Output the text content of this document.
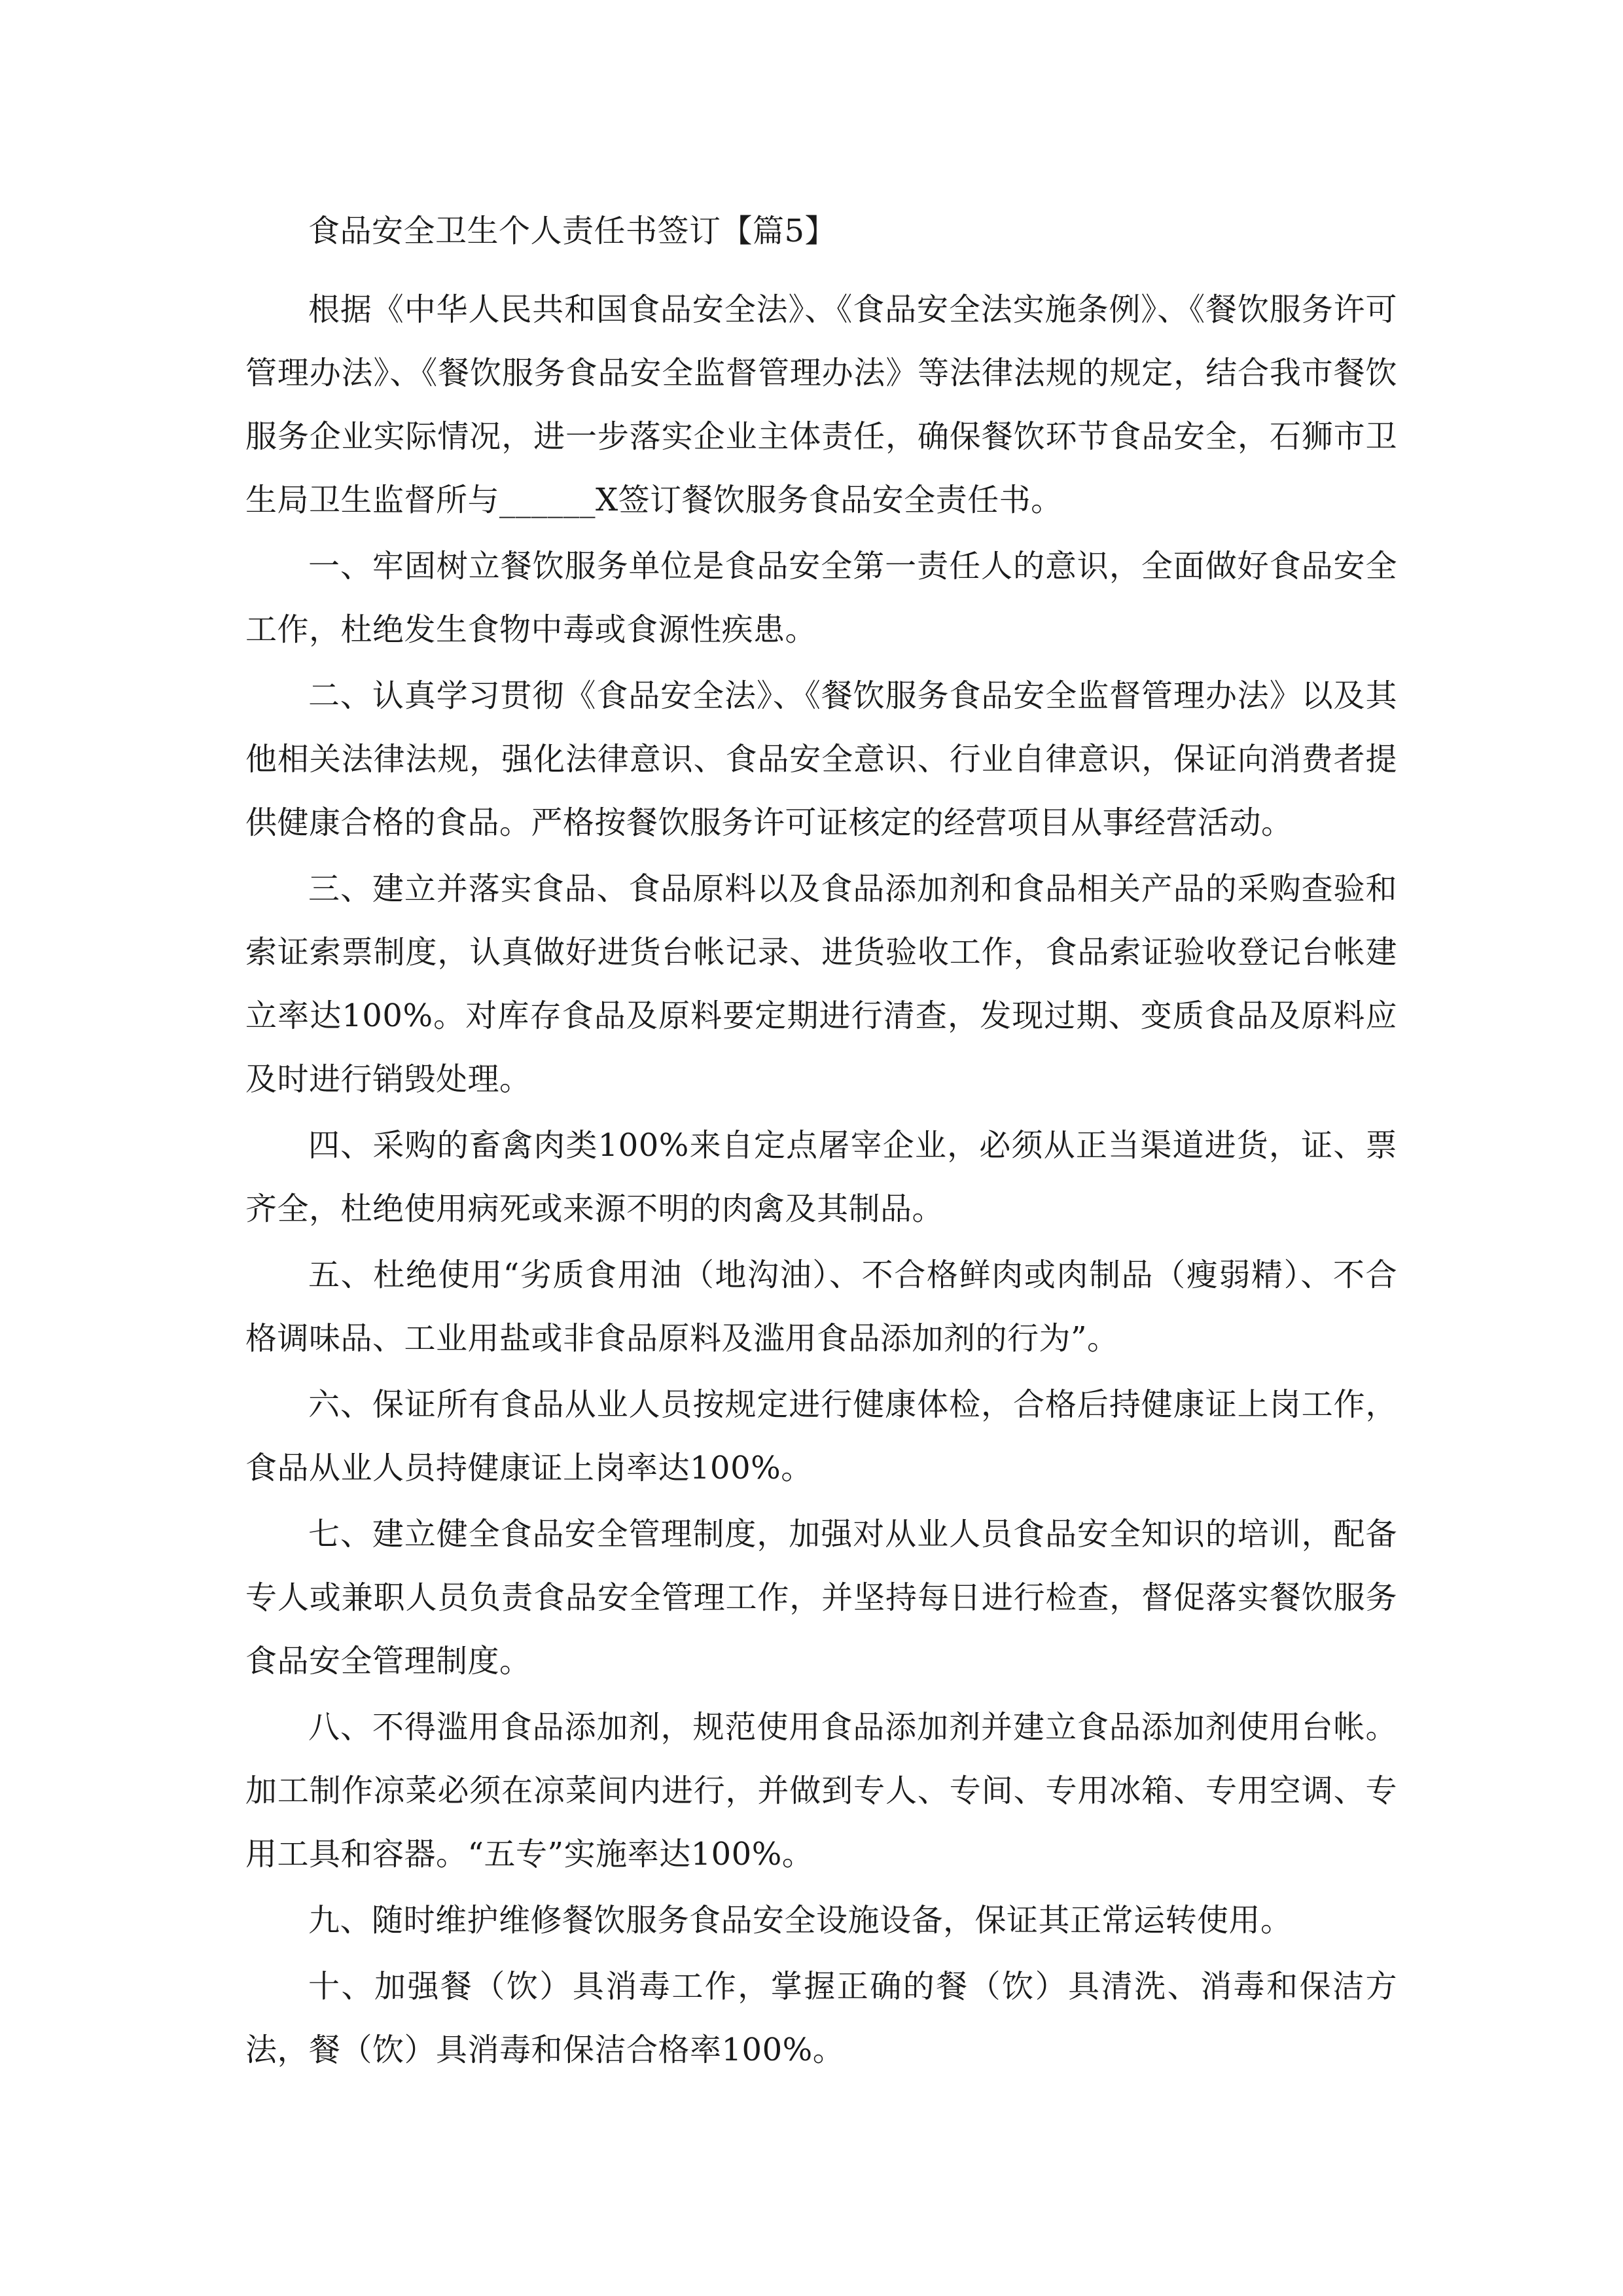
食品安全卫生个人责任书签订【篇5】

根据《中华人民共和国食品安全法》、《食品安全法实施条例》、《餐饮服务许可管理办法》、《餐饮服务食品安全监督管理办法》等法律法规的规定，结合我市餐饮服务企业实际情况，进一步落实企业主体责任，确保餐饮环节食品安全，石狮市卫生局卫生监督所与______X签订餐饮服务食品安全责任书。

一、牢固树立餐饮服务单位是食品安全第一责任人的意识，全面做好食品安全工作，杜绝发生食物中毒或食源性疾患。

二、认真学习贯彻《食品安全法》、《餐饮服务食品安全监督管理办法》以及其他相关法律法规，强化法律意识、食品安全意识、行业自律意识，保证向消费者提供健康合格的食品。严格按餐饮服务许可证核定的经营项目从事经营活动。

三、建立并落实食品、食品原料以及食品添加剂和食品相关产品的采购查验和索证索票制度，认真做好进货台帐记录、进货验收工作，食品索证验收登记台帐建立率达100%。对库存食品及原料要定期进行清查，发现过期、变质食品及原料应及时进行销毁处理。

四、采购的畜禽肉类100%来自定点屠宰企业，必须从正当渠道进货，证、票齐全，杜绝使用病死或来源不明的肉禽及其制品。

五、杜绝使用“劣质食用油（地沟油）、不合格鲜肉或肉制品（瘦弱精）、不合格调味品、工业用盐或非食品原料及滥用食品添加剂的行为”。

六、保证所有食品从业人员按规定进行健康体检，合格后持健康证上岗工作，食品从业人员持健康证上岗率达100%。

七、建立健全食品安全管理制度，加强对从业人员食品安全知识的培训，配备专人或兼职人员负责食品安全管理工作，并坚持每日进行检查，督促落实餐饮服务食品安全管理制度。

八、不得滥用食品添加剂，规范使用食品添加剂并建立食品添加剂使用台帐。加工制作凉菜必须在凉菜间内进行，并做到专人、专间、专用冰箱、专用空调、专用工具和容器。“五专”实施率达100%。

九、随时维护维修餐饮服务食品安全设施设备，保证其正常运转使用。

十、加强餐（饮）具消毒工作，掌握正确的餐（饮）具清洗、消毒和保洁方法，餐（饮）具消毒和保洁合格率100%。
